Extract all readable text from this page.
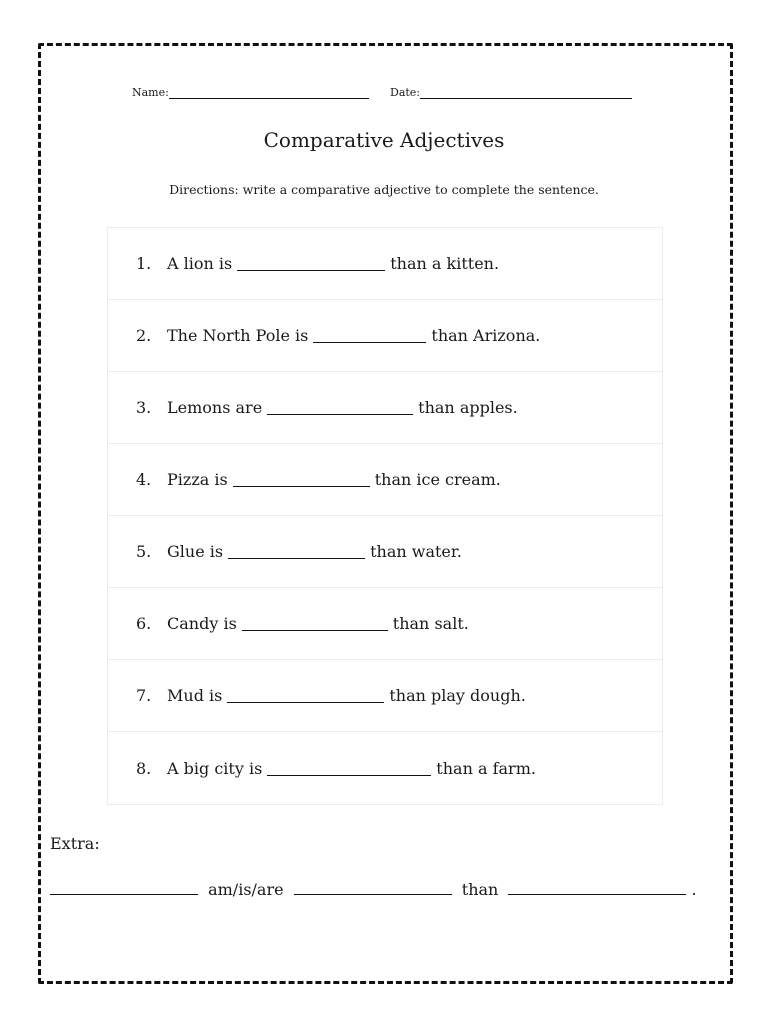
Name:	Date:
Comparative Adjectives
Directions: write a comparative adjective to complete the sentence.
1. A lion is	than a kitten.
2. The North Pole is	than Arizona.
3. Lemons are	than apples.
4. Pizza is	than ice cream.
5. Glue is	than water.
6. Candy is	than salt.
7. Mud is	than play dough.
8. A big city is	than a farm.
Extra:
am/is/are	than	.
